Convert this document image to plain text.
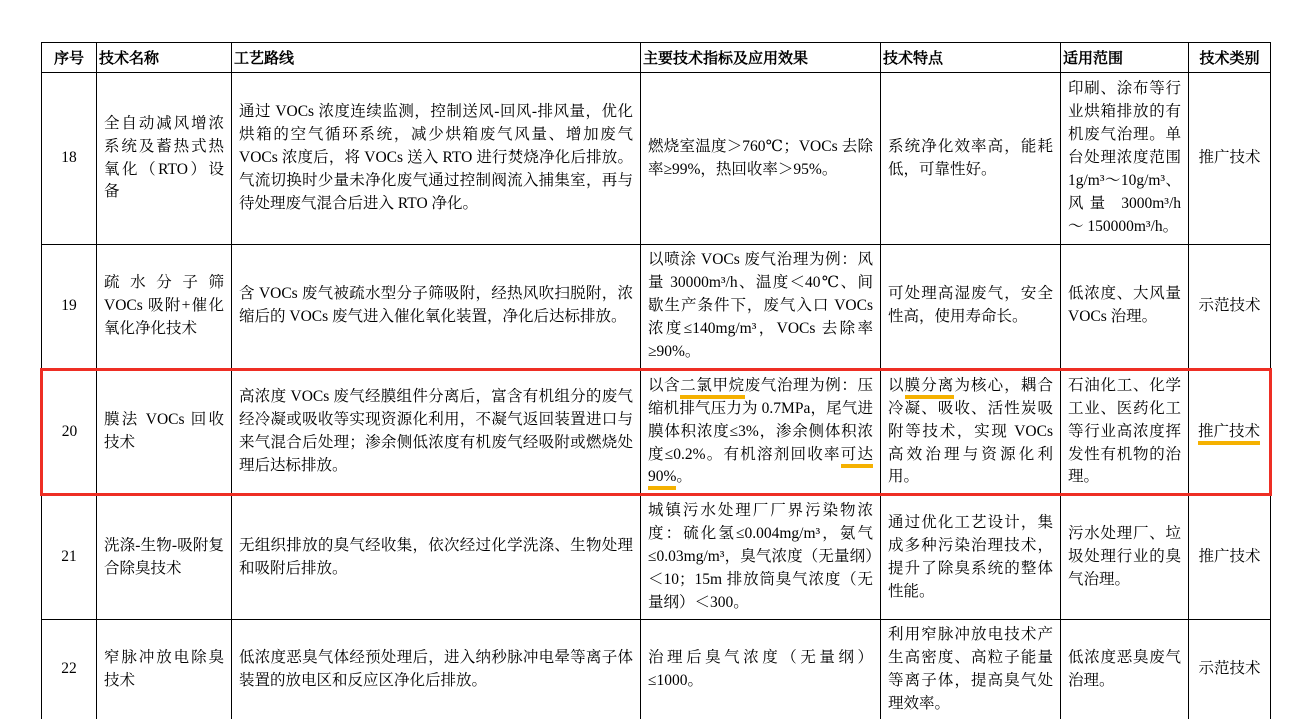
序号	技术名称	工艺路线	主要技术指标及应用效果	技术特点	适用范围	技术类别
18	全自动减风增浓系统及蓄热式热氧化（RTO）设备	通过 VOCs 浓度连续监测，控制送风-回风-排风量，优化烘箱的空气循环系统，减少烘箱废气风量、增加废气 VOCs 浓度后，将 VOCs 送入 RTO 进行焚烧净化后排放。气流切换时少量未净化废气通过控制阀流入捕集室，再与待处理废气混合后进入 RTO 净化。	燃烧室温度＞760℃；VOCs 去除率≥99%，热回收率＞95%。	系统净化效率高，能耗低，可靠性好。	印刷、涂布等行业烘箱排放的有机废气治理。单台处理浓度范围 1g/m³～10g/m³、风量 3000m³/h ～ 150000m³/h。	推广技术
19	疏水分子筛 VOCs 吸附+催化氧化净化技术	含 VOCs 废气被疏水型分子筛吸附，经热风吹扫脱附，浓缩后的 VOCs 废气进入催化氧化装置，净化后达标排放。	以喷涂 VOCs 废气治理为例：风量 30000m³/h、温度＜40℃、间歇生产条件下，废气入口 VOCs 浓度≤140mg/m³，VOCs 去除率≥90%。	可处理高湿废气，安全性高，使用寿命长。	低浓度、大风量 VOCs 治理。	示范技术
20	膜法 VOCs 回收技术	高浓度 VOCs 废气经膜组件分离后，富含有机组分的废气经冷凝或吸收等实现资源化利用，不凝气返回装置进口与来气混合后处理；渗余侧低浓度有机废气经吸附或燃烧处理后达标排放。	以含二氯甲烷废气治理为例：压缩机排气压力为 0.7MPa，尾气进膜体积浓度≤3%，渗余侧体积浓度≤0.2%。有机溶剂回收率可达 90%。	以膜分离为核心，耦合冷凝、吸收、活性炭吸附等技术，实现 VOCs 高效治理与资源化利用。	石油化工、化学工业、医药化工等行业高浓度挥发性有机物的治理。	推广技术
21	洗涤-生物-吸附复合除臭技术	无组织排放的臭气经收集，依次经过化学洗涤、生物处理和吸附后排放。	城镇污水处理厂厂界污染物浓度：硫化氢≤0.004mg/m³，氨气≤0.03mg/m³，臭气浓度（无量纲）＜10；15m 排放筒臭气浓度（无量纲）＜300。	通过优化工艺设计，集成多种污染治理技术，提升了除臭系统的整体性能。	污水处理厂、垃圾处理行业的臭气治理。	推广技术
22	窄脉冲放电除臭技术	低浓度恶臭气体经预处理后，进入纳秒脉冲电晕等离子体装置的放电区和反应区净化后排放。	治理后臭气浓度（无量纲）≤1000。	利用窄脉冲放电技术产生高密度、高粒子能量等离子体，提高臭气处理效率。	低浓度恶臭废气治理。	示范技术
